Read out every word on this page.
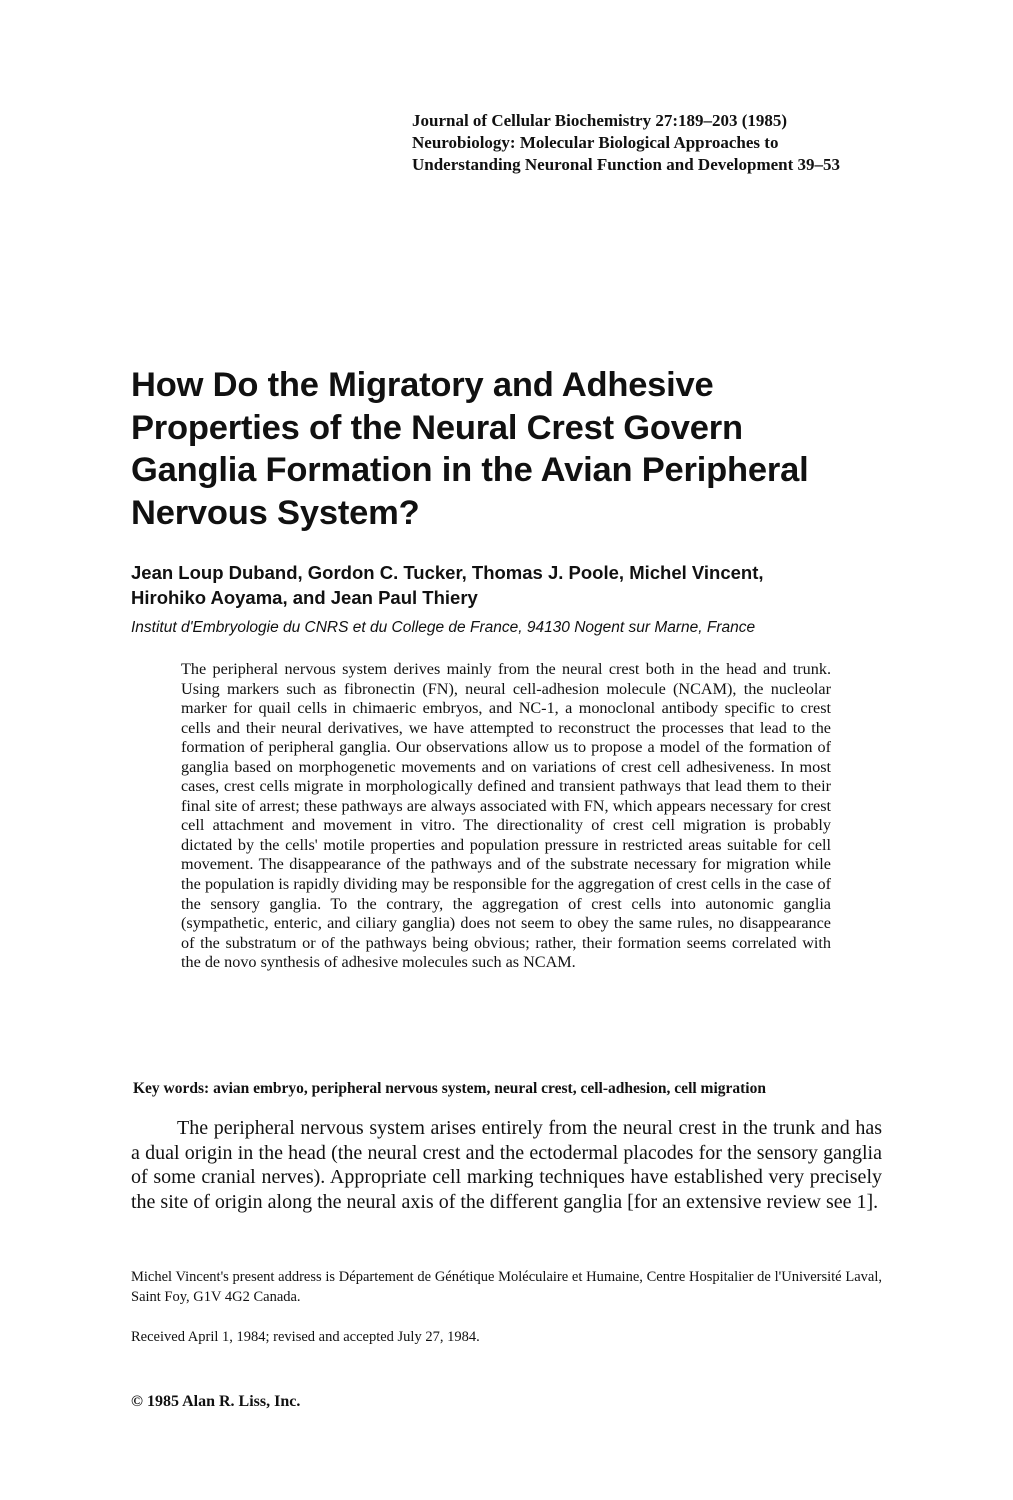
Journal of Cellular Biochemistry 27:189–203 (1985)
Neurobiology: Molecular Biological Approaches to
Understanding Neuronal Function and Development 39–53
How Do the Migratory and Adhesive
Properties of the Neural Crest Govern
Ganglia Formation in the Avian Peripheral
Nervous System?
Jean Loup Duband, Gordon C. Tucker, Thomas J. Poole, Michel Vincent,
Hirohiko Aoyama, and Jean Paul Thiery
Institut d'Embryologie du CNRS et du College de France, 94130 Nogent sur Marne, France

The peripheral nervous system derives mainly from the neural crest both in the head and trunk. Using markers such as fibronectin (FN), neural cell-adhesion molecule (NCAM), the nucleolar marker for quail cells in chimaeric embryos, and NC-1, a monoclonal antibody specific to crest cells and their neural derivatives, we have attempted to reconstruct the processes that lead to the formation of peripheral ganglia. Our observations allow us to propose a model of the formation of ganglia based on morphogenetic movements and on variations of crest cell adhesiveness. In most cases, crest cells migrate in morphologically defined and transient pathways that lead them to their final site of arrest; these pathways are always associated with FN, which appears necessary for crest cell attachment and movement in vitro. The directionality of crest cell migration is probably dictated by the cells' motile properties and population pressure in restricted areas suitable for cell movement. The disappearance of the pathways and of the substrate necessary for migration while the population is rapidly dividing may be responsible for the aggregation of crest cells in the case of the sensory ganglia. To the contrary, the aggregation of crest cells into autonomic ganglia (sympathetic, enteric, and ciliary ganglia) does not seem to obey the same rules, no disappearance of the substratum or of the pathways being obvious; rather, their formation seems correlated with the de novo synthesis of adhesive molecules such as NCAM.

Key words: avian embryo, peripheral nervous system, neural crest, cell-adhesion, cell migration

The peripheral nervous system arises entirely from the neural crest in the trunk and has a dual origin in the head (the neural crest and the ectodermal placodes for the sensory ganglia of some cranial nerves). Appropriate cell marking techniques have established very precisely the site of origin along the neural axis of the different ganglia [for an extensive review see 1].

Michel Vincent's present address is Département de Génétique Moléculaire et Humaine, Centre Hospitalier de l'Université Laval, Saint Foy, G1V 4G2 Canada.

Received April 1, 1984; revised and accepted July 27, 1984.
© 1985 Alan R. Liss, Inc.
